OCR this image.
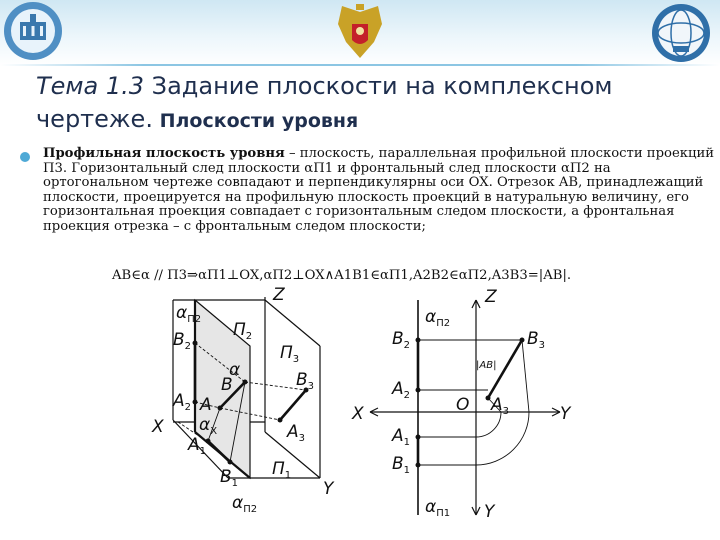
Тема 1.3 Задание плоскости на комплексном чертеже. Плоскости уровня
Профильная плоскость уровня – плоскость, параллельная профильной плоскости проекций П3. Горизонтальный след плоскости αП1 и фронтальный след плоскости αП2 на ортогональном чертеже совпадают и перпендикулярны оси OX. Отрезок AB, принадлежащий плоскости, проецируется на профильную плоскость проекций в натуральную величину, его горизонтальная проекция совпадает с горизонтальным следом плоскости, а фронтальная проекция отрезка – с фронтальным следом плоскости;
AB∈α // П3⇒αП1⊥OX,αП2⊥OX∧A1B1∈αП1,A2B2∈αП2,A3B3=|AB|.
Z
X
Y
$П_2$
$П_3$
$П_1$
$B_2$
$A_2$ A
B
α	$B_3$
$A_3$
$A_1$
$B_1$
$\alpha_{П2}$
$\alpha_X$
$\alpha_{П2}$
Z
X	Y
Y
O
$\alpha_{П2}$
$\alpha_{П1}$
$B_2$
$A_2$
$A_1$
$B_1$
$B_3$
$A_3$
|AB|
